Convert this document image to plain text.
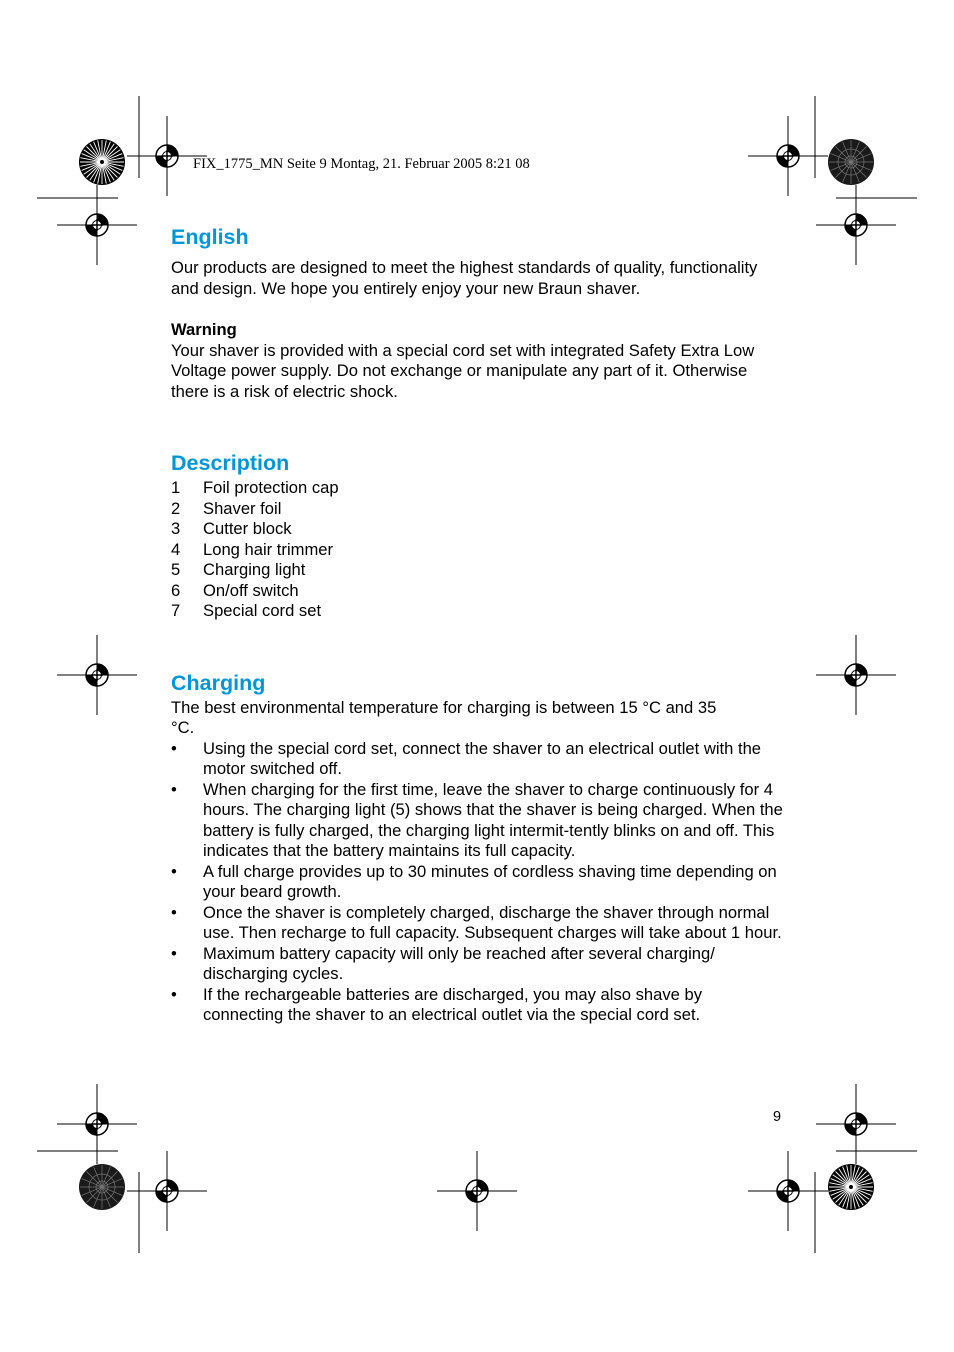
FIX_1775_MN Seite 9 Montag, 21. Februar 2005 8:21 08
English

Our products are designed to meet the highest standards of quality, functionality and design. We hope you entirely enjoy your new Braun shaver.

Warning

Your shaver is provided with a special cord set with integrated Safety Extra Low Voltage power supply. Do not exchange or manipulate any part of it. Otherwise there is a risk of electric shock.

Description
1	Foil protection cap
2	Shaver foil
3	Cutter block
4	Long hair trimmer
5	Charging light
6	On/off switch
7	Special cord set
Charging

The best environmental temperature for charging is between 15 °C and 35 °C.

•	Using the special cord set, connect the shaver to an electrical outlet with the motor switched off.
•	When charging for the first time, leave the shaver to charge continuously for 4 hours. The charging light (5) shows that the shaver is being charged. When the battery is fully charged, the charging light intermit-tently blinks on and off. This indicates that the battery maintains its full capacity.
•	A full charge provides up to 30 minutes of cordless shaving time depending on your beard growth.
•	Once the shaver is completely charged, discharge the shaver through normal use. Then recharge to full capacity. Subsequent charges will take about 1 hour.
•	Maximum battery capacity will only be reached after several charging/ discharging cycles.
•	If the rechargeable batteries are discharged, you may also shave by connecting the shaver to an electrical outlet via the special cord set.
9
